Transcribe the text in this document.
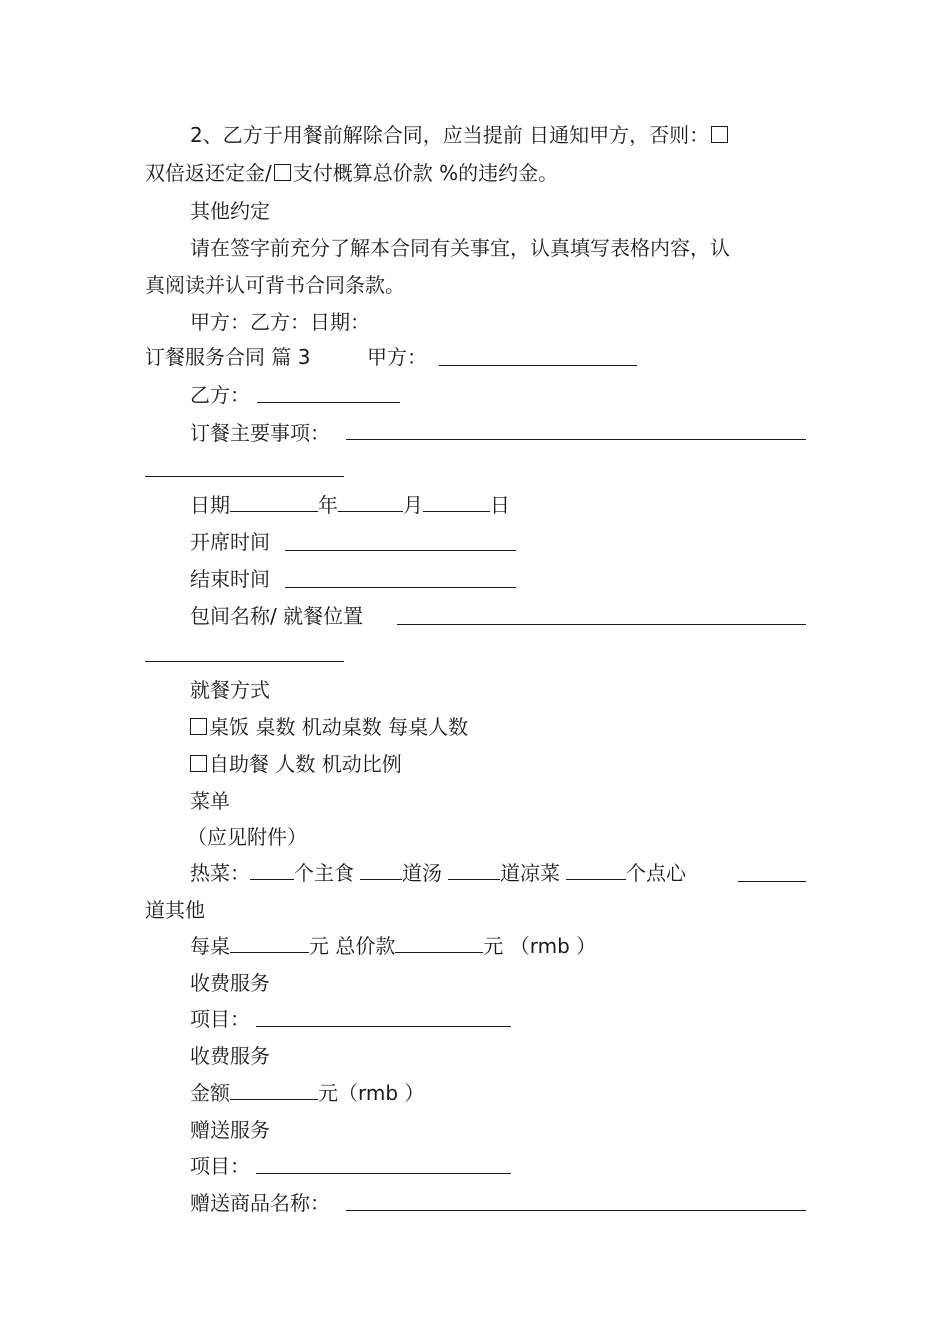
2、乙方于用餐前解除合同，应当提前 日通知甲方，否则：
双倍返还定金/ 支付概算总价款 %的违约金。
其他约定
请在签字前充分了解本合同有关事宜，认真填写表格内容，认
真阅读并认可背书合同条款。
甲方：乙方：日期：
订餐服务合同 篇 3	甲方：
乙方：
订餐主要事项：
日期	年	月	日
开席时间
结束时间
包间名称/ 就餐位置
就餐方式
桌饭 桌数 机动桌数 每桌人数
自助餐 人数 机动比例
菜单
（应见附件）
热菜： 个主食 道汤	道凉菜	个点心
道其他
每桌	元 总价款	元 （rmb ）
收费服务
项目：
收费服务
金额	元（rmb ）
赠送服务
项目：
赠送商品名称：
